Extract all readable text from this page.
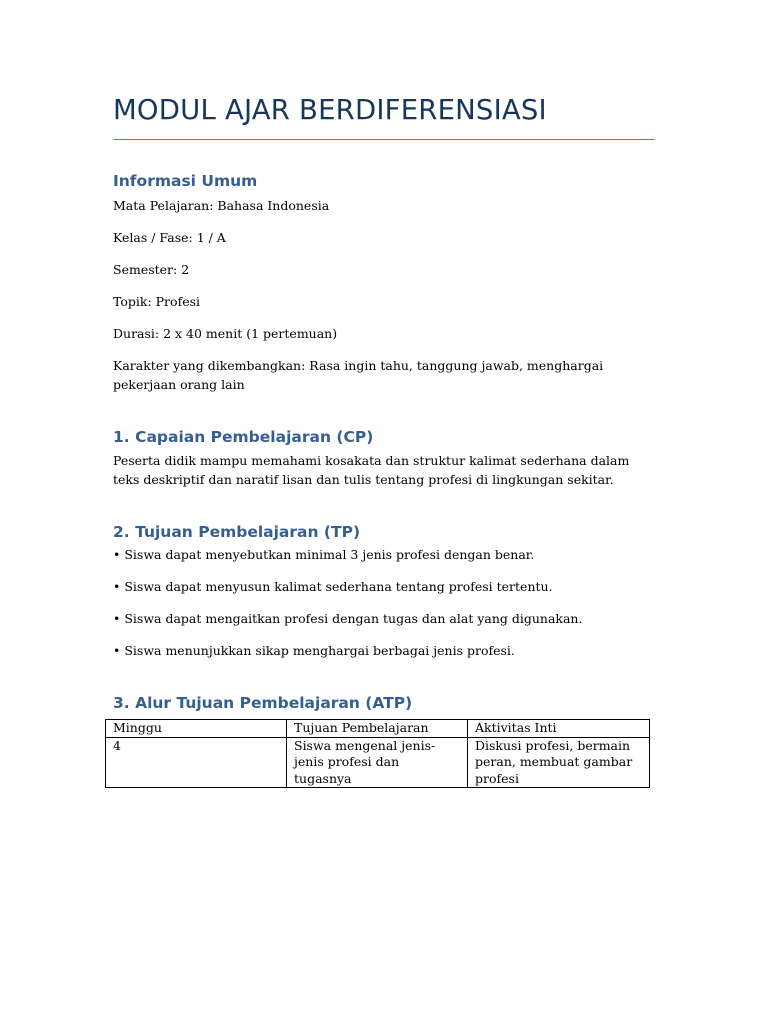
MODUL AJAR BERDIFERENSIASI
Informasi Umum

Mata Pelajaran: Bahasa Indonesia

Kelas / Fase: 1 / A

Semester: 2

Topik: Profesi

Durasi: 2 x 40 menit (1 pertemuan)

Karakter yang dikembangkan: Rasa ingin tahu, tanggung jawab, menghargai pekerjaan orang lain

1. Capaian Pembelajaran (CP)

Peserta didik mampu memahami kosakata dan struktur kalimat sederhana dalam teks deskriptif dan naratif lisan dan tulis tentang profesi di lingkungan sekitar.

2. Tujuan Pembelajaran (TP)

• Siswa dapat menyebutkan minimal 3 jenis profesi dengan benar.

• Siswa dapat menyusun kalimat sederhana tentang profesi tertentu.

• Siswa dapat mengaitkan profesi dengan tugas dan alat yang digunakan.

• Siswa menunjukkan sikap menghargai berbagai jenis profesi.

3. Alur Tujuan Pembelajaran (ATP)
Minggu	Tujuan Pembelajaran	Aktivitas Inti
4	Siswa mengenal jenis-jenis profesi dan tugasnya	Diskusi profesi, bermain peran, membuat gambar profesi
